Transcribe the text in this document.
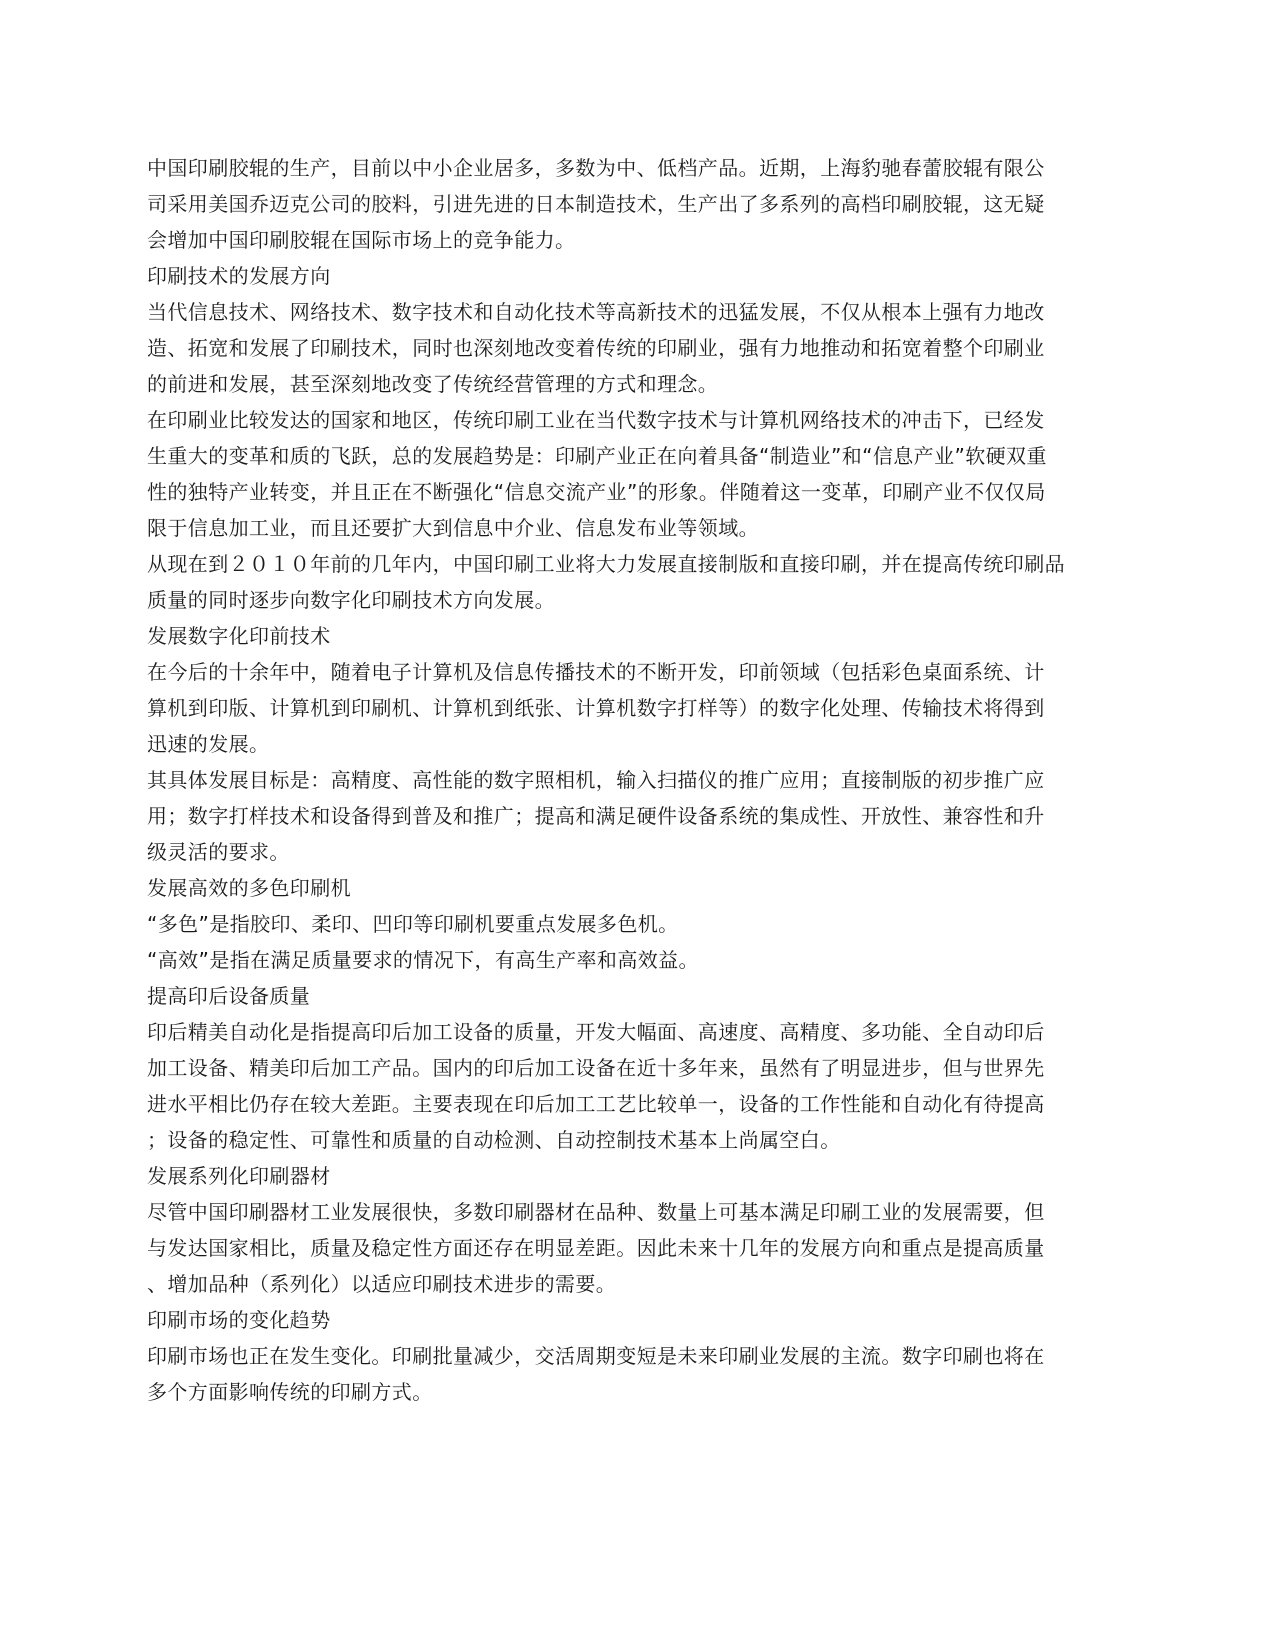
中国印刷胶辊的生产，目前以中小企业居多，多数为中、低档产品。近期，上海豹驰春蕾胶辊有限公
司采用美国乔迈克公司的胶料，引进先进的日本制造技术，生产出了多系列的高档印刷胶辊，这无疑
会增加中国印刷胶辊在国际市场上的竞争能力。
印刷技术的发展方向
当代信息技术、网络技术、数字技术和自动化技术等高新技术的迅猛发展，不仅从根本上强有力地改
造、拓宽和发展了印刷技术，同时也深刻地改变着传统的印刷业，强有力地推动和拓宽着整个印刷业
的前进和发展，甚至深刻地改变了传统经营管理的方式和理念。
在印刷业比较发达的国家和地区，传统印刷工业在当代数字技术与计算机网络技术的冲击下，已经发
生重大的变革和质的飞跃，总的发展趋势是：印刷产业正在向着具备“制造业”和“信息产业”软硬双重
性的独特产业转变，并且正在不断强化“信息交流产业”的形象。伴随着这一变革，印刷产业不仅仅局
限于信息加工业，而且还要扩大到信息中介业、信息发布业等领域。
从现在到２０１０年前的几年内，中国印刷工业将大力发展直接制版和直接印刷，并在提高传统印刷品
质量的同时逐步向数字化印刷技术方向发展。
发展数字化印前技术
在今后的十余年中，随着电子计算机及信息传播技术的不断开发，印前领域（包括彩色桌面系统、计
算机到印版、计算机到印刷机、计算机到纸张、计算机数字打样等）的数字化处理、传输技术将得到
迅速的发展。
其具体发展目标是：高精度、高性能的数字照相机，输入扫描仪的推广应用；直接制版的初步推广应
用；数字打样技术和设备得到普及和推广；提高和满足硬件设备系统的集成性、开放性、兼容性和升
级灵活的要求。
发展高效的多色印刷机
“多色”是指胶印、柔印、凹印等印刷机要重点发展多色机。
“高效”是指在满足质量要求的情况下，有高生产率和高效益。
提高印后设备质量
印后精美自动化是指提高印后加工设备的质量，开发大幅面、高速度、高精度、多功能、全自动印后
加工设备、精美印后加工产品。国内的印后加工设备在近十多年来，虽然有了明显进步，但与世界先
进水平相比仍存在较大差距。主要表现在印后加工工艺比较单一，设备的工作性能和自动化有待提高
；设备的稳定性、可靠性和质量的自动检测、自动控制技术基本上尚属空白。
发展系列化印刷器材
尽管中国印刷器材工业发展很快，多数印刷器材在品种、数量上可基本满足印刷工业的发展需要，但
与发达国家相比，质量及稳定性方面还存在明显差距。因此未来十几年的发展方向和重点是提高质量
、增加品种（系列化）以适应印刷技术进步的需要。
印刷市场的变化趋势
印刷市场也正在发生变化。印刷批量减少，交活周期变短是未来印刷业发展的主流。数字印刷也将在
多个方面影响传统的印刷方式。
